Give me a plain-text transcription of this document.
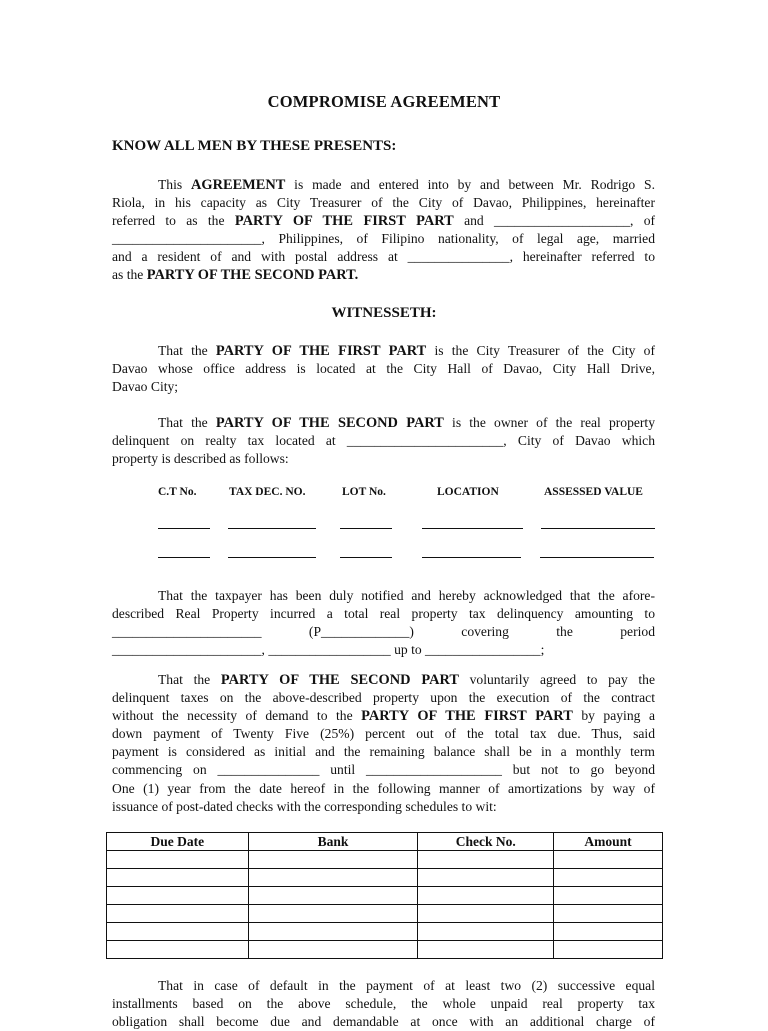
COMPROMISE AGREEMENT
KNOW ALL MEN BY THESE PRESENTS:
This AGREEMENT is made and entered into by and between Mr. Rodrigo S.
Riola, in his capacity as City Treasurer of the City of Davao, Philippines, hereinafter
referred to as the PARTY OF THE FIRST PART and ____________________, of
______________________, Philippines, of Filipino nationality, of legal age, married
and a resident of and with postal address at _______________, hereinafter referred to
as the PARTY OF THE SECOND PART.
WITNESSETH:
That the PARTY OF THE FIRST PART is the City Treasurer of the City of
Davao whose office address is located at the City Hall of Davao, City Hall Drive,
Davao City;
That the PARTY OF THE SECOND PART is the owner of the real property
delinquent on realty tax located at _______________________, City of Davao which
property is described as follows:
C.T No.	TAX DEC. NO.	LOT No.	LOCATION	ASSESSED VALUE
That the taxpayer has been duly notified and hereby acknowledged that the afore-
described Real Property incurred a total real property tax delinquency amounting to
______________________ (P_____________) covering the period
______________________, __________________ up to _________________;
That the PARTY OF THE SECOND PART voluntarily agreed to pay the
delinquent taxes on the above-described property upon the execution of the contract
without the necessity of demand to the PARTY OF THE FIRST PART by paying a
down payment of Twenty Five (25%) percent out of the total tax due. Thus, said
payment is considered as initial and the remaining balance shall be in a monthly term
commencing on _______________ until ____________________ but not to go beyond
One (1) year from the date hereof in the following manner of amortizations by way of
issuance of post-dated checks with the corresponding schedules to wit:
Due Date	Bank	Check No.	Amount

That in case of default in the payment of at least two (2) successive equal
installments based on the above schedule, the whole unpaid real property tax
obligation shall become due and demandable at once with an additional charge of
